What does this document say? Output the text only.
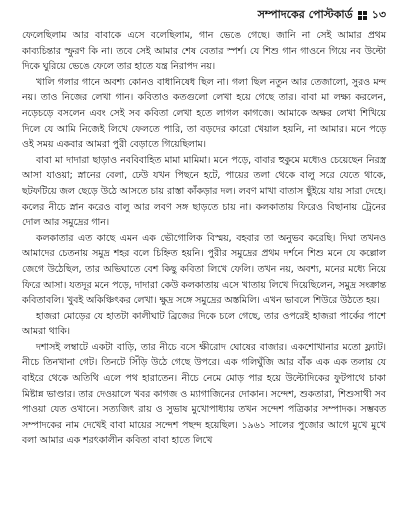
সম্পাদকের পোস্টকার্ড ১৩

ফেলেছিলাম আর বাবাকে এসে বলেছিলাম, গান ভেঙে গেছে। জানি না সেই আমার প্রথম কাব্যচিন্তার স্ফুরণ কি না। তবে সেই আমার শেষ বেতার স্পর্শ। যে শিশু গান গাওনে গিয়ে নব উল্টো দিকে ঘুরিয়ে ভেঙে ফেলে তার হাতে যন্ত্র নিরাপদ নয়।

খালি গলার গানে অবশ্য কোনও বাধানিষেধ ছিল না। গলা ছিল নতুন আর তেজালো, সুরও মন্দ নয়। তাও নিজের লেখা গান। কবিতাও কতগুলো লেখা হয়ে গেছে তার। বাবা মা লক্ষ্য করলেন, নড়েচড়ে বসলেন এবং সেই সব কবিতা লেখা হতে লাগল কাগজে। আমাকে অক্ষর লেখা শিখিয়ে দিলে যে আমি নিজেই লিখে ফেলতে পারি, তা বড়দের কারো খেয়াল হয়নি, না আমার। মনে পড়ে ওই সময় একবার আমরা পুরী বেড়াতে গিয়েছিলাম।

বাবা মা দাদারা ছাড়াও নববিবাহিত মামা মামিমা। মনে পড়ে, বাবার হুকুমে মধ্যেও চেয়েছেন নিরস্ত্র আসা যাওয়া; স্নানের বেলা, ঢেউ যখন পিছনে হটে, পায়ের তলা থেকে বালু সরে যেতে থাকে, ছটফটিয়ে জল ছেড়ে উঠে আসতে চায় রাস্তা কাঁকড়ার দল। লবণ মাখা বাতাস ছুঁইয়ে যায় সারা দেহে। কলের নীচে স্নান করেও বালু আর লবণ সঙ্গ ছাড়তে চায় না। কলকাতায় ফিরেও বিছানায় ট্রেনের দোল আর সমুদ্রের গান।

কলকাতার এত কাছে এমন এক ভৌগোলিক বিস্ময়, বহবার তা অনুভব করেছি। দিঘা তখনও আমাদের চেতনায় সমুদ্র শহর বলে চিহ্নিত হয়নি। পুরীর সমুদ্রের প্রথম দর্শনে শিশু মনে যে কল্লোল জেগে উঠেছিল, তার অভিঘাতে বেশ কিছু কবিতা লিখে ফেলি। তখন নয়, অবশ্য, মনের মধ্যে নিয়ে ফিরে আসা। যতদূর মনে পড়ে, দাদারা কেউ কলকাতায় এসে খাতায় লিখে দিয়েছিলেন, সমুদ্র সংক্রান্ত কবিতাবলি। খুবই অকিঞ্চিৎকর লেখা। ক্ষুদ্র সঙ্গে সমুদ্রের অস্তমিলি। এখন ভাবলে শিউরে উঠতে হয়।

হাজরা মোড়ের যে হাতটা কালীঘাট ব্রিজের দিকে চলে গেছে, তার ওপরেই হাজরা পার্কের পাশে আমরা থাকি।

দশাসই লম্বাটে একটা বাড়ি, তার নীচে বসে ক্ষীরোদ ঘোষের বাজার। একশোখানার মতো ফ্ল্যাট। নীচে তিনখানা গেট। তিনটে সিঁড়ি উঠে গেছে উপরে। এক গলিঘুঁজি আর বাঁক এক এক তলায় যে বাইরে থেকে অতিথি এলে পথ হারাতেন। নীচে নেমে মোড় পার হয়ে উল্টোদিকের ফুটপাথে চাকা মিষ্টান্ন ভাণ্ডার। তার দেওয়ালে খবর কাগজ ও ম্যাগাজিনের দোকান। সন্দেশ, শুকতারা, শিশুসাথী সব পাওয়া যেত ওখানে। সত্যজিৎ রায় ও সুভাষ মুখোপাধ্যায় তখন সন্দেশ পত্রিকার সম্পাদক। সম্ভবত সম্পাদকের নাম দেখেই বাবা মায়ের সন্দেশ পছন্দ হয়েছিল। ১৯৬১ সালের পুজোর আগে মুখে মুখে বলা আমার এক শরৎকালীন কবিতা বাবা হাতে লিখে
